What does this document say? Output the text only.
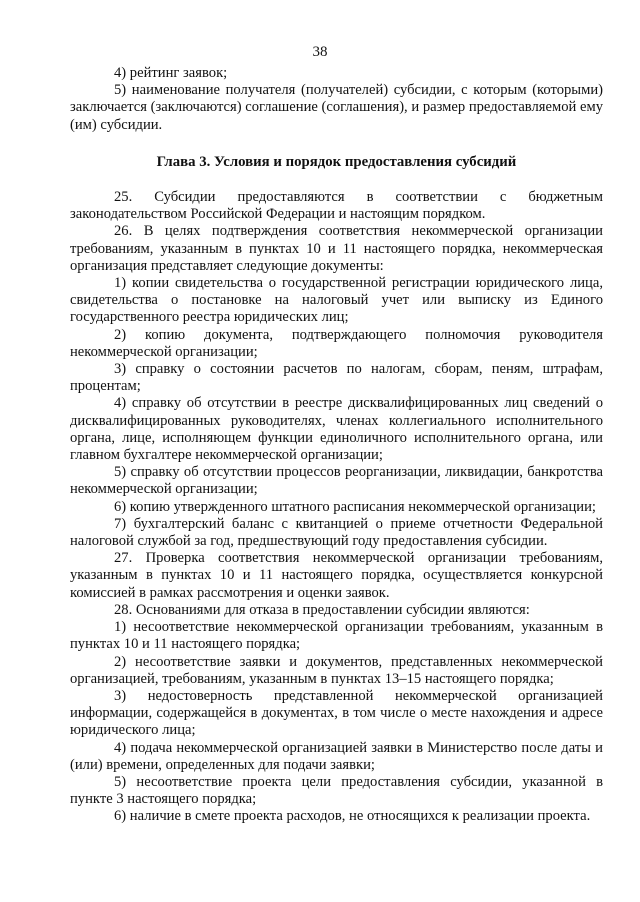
38

4) рейтинг заявок;

5) наименование получателя (получателей) субсидии, с которым (которыми) заключается (заключаются) соглашение (соглашения), и размер предоставляемой ему (им) субсидии.

Глава 3. Условия и порядок предоставления субсидий

25. Субсидии предоставляются в соответствии с бюджетным законодательством Российской Федерации и настоящим порядком.

26. В целях подтверждения соответствия некоммерческой организации требованиям, указанным в пунктах 10 и 11 настоящего порядка, некоммерческая организация представляет следующие документы:

1) копии свидетельства о государственной регистрации юридического лица, свидетельства о постановке на налоговый учет или выписку из Единого государственного реестра юридических лиц;

2) копию документа, подтверждающего полномочия руководителя некоммерческой организации;

3) справку о состоянии расчетов по налогам, сборам, пеням, штрафам, процентам;

4) справку об отсутствии в реестре дисквалифицированных лиц сведений о дисквалифицированных руководителях, членах коллегиального исполнительного органа, лице, исполняющем функции единоличного исполнительного органа, или главном бухгалтере некоммерческой организации;

5) справку об отсутствии процессов реорганизации, ликвидации, банкротства некоммерческой организации;

6) копию утвержденного штатного расписания некоммерческой организации;

7) бухгалтерский баланс с квитанцией о приеме отчетности Федеральной налоговой службой за год, предшествующий году предоставления субсидии.

27. Проверка соответствия некоммерческой организации требованиям, указанным в пунктах 10 и 11 настоящего порядка, осуществляется конкурсной комиссией в рамках рассмотрения и оценки заявок.

28. Основаниями для отказа в предоставлении субсидии являются:

1) несоответствие некоммерческой организации требованиям, указанным в пунктах 10 и 11 настоящего порядка;

2) несоответствие заявки и документов, представленных некоммерческой организацией, требованиям, указанным в пунктах 13–15 настоящего порядка;

3) недостоверность представленной некоммерческой организацией информации, содержащейся в документах, в том числе о месте нахождения и адресе юридического лица;

4) подача некоммерческой организацией заявки в Министерство после даты и (или) времени, определенных для подачи заявки;

5) несоответствие проекта цели предоставления субсидии, указанной в пункте 3 настоящего порядка;

6) наличие в смете проекта расходов, не относящихся к реализации проекта.
